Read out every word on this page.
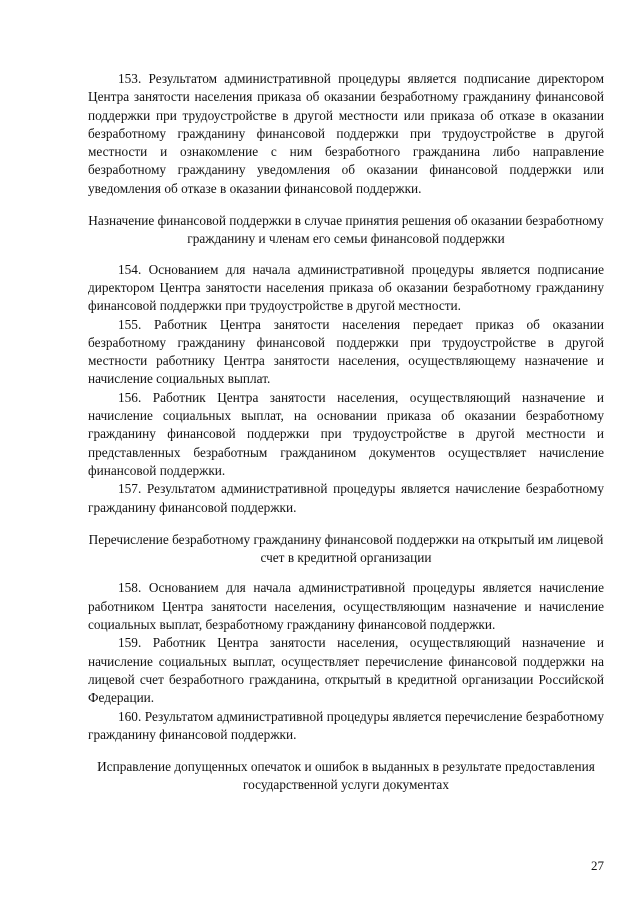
153. Результатом административной процедуры является подписание директором Центра занятости населения приказа об оказании безработному гражданину финансовой поддержки при трудоустройстве в другой местности или приказа об отказе в оказании безработному гражданину финансовой поддержки при трудоустройстве в другой местности и ознакомление с ним безработного гражданина либо направление безработному гражданину уведомления об оказании финансовой поддержки или уведомления об отказе в оказании финансовой поддержки.

Назначение финансовой поддержки в случае принятия решения об оказании безработному гражданину и членам его семьи финансовой поддержки

154. Основанием для начала административной процедуры является подписание директором Центра занятости населения приказа об оказании безработному гражданину финансовой поддержки при трудоустройстве в другой местности.

155. Работник Центра занятости населения передает приказ об оказании безработному гражданину финансовой поддержки при трудоустройстве в другой местности работнику Центра занятости населения, осуществляющему назначение и начисление социальных выплат.

156. Работник Центра занятости населения, осуществляющий назначение и начисление социальных выплат, на основании приказа об оказании безработному гражданину финансовой поддержки при трудоустройстве в другой местности и представленных безработным гражданином документов осуществляет начисление финансовой поддержки.

157. Результатом административной процедуры является начисление безработному гражданину финансовой поддержки.

Перечисление безработному гражданину финансовой поддержки на открытый им лицевой счет в кредитной организации

158. Основанием для начала административной процедуры является начисление работником Центра занятости населения, осуществляющим назначение и начисление социальных выплат, безработному гражданину финансовой поддержки.

159. Работник Центра занятости населения, осуществляющий назначение и начисление социальных выплат, осуществляет перечисление финансовой поддержки на лицевой счет безработного гражданина, открытый в кредитной организации Российской Федерации.

160. Результатом административной процедуры является перечисление безработному гражданину финансовой поддержки.

Исправление допущенных опечаток и ошибок в выданных в результате предоставления государственной услуги документах
27
